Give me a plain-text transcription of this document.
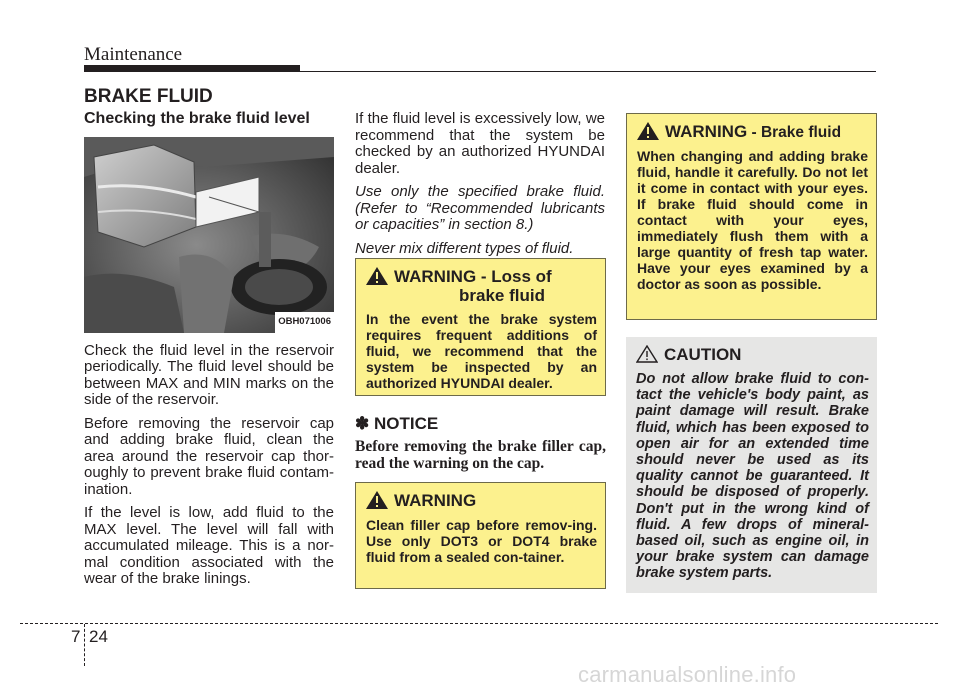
Maintenance
BRAKE FLUID
Checking the brake fluid level
OBH071006

Check the fluid level in the reservoir periodically. The fluid level should be between MAX and MIN marks on the side of the reservoir.

Before removing the reservoir cap and adding brake fluid, clean the area around the reservoir cap thor-oughly to prevent brake fluid contam-ination.

If the level is low, add fluid to the MAX level. The level will fall with accumulated mileage. This is a nor-mal condition associated with the wear of the brake linings.

If the fluid level is excessively low, we recommend that the system be checked by an authorized HYUNDAI dealer.

Use only the specified brake fluid. (Refer to “Recommended lubricants or capacities” in section 8.)

Never mix different types of fluid.

WARNING - Loss of
brake fluid

In the event the brake system requires frequent additions of fluid, we recommend that the system be inspected by an authorized HYUNDAI dealer.

✽ NOTICE

Before removing the brake filler cap, read the warning on the cap.

WARNING

Clean filler cap before remov-ing. Use only DOT3 or DOT4 brake fluid from a sealed con-tainer.

WARNING - Brake fluid

When changing and adding brake fluid, handle it carefully. Do not let it come in contact with your eyes. If brake fluid should come in contact with your eyes, immediately flush them with a large quantity of fresh tap water. Have your eyes examined by a doctor as soon as possible.

CAUTION

Do not allow brake fluid to con-tact the vehicle's body paint, as paint damage will result. Brake fluid, which has been exposed to open air for an extended time should never be used as its quality cannot be guaranteed. It should be disposed of properly. Don't put in the wrong kind of fluid. A few drops of mineral-based oil, such as engine oil, in your brake system can damage brake system parts.

7 24
carmanualsonline.info
